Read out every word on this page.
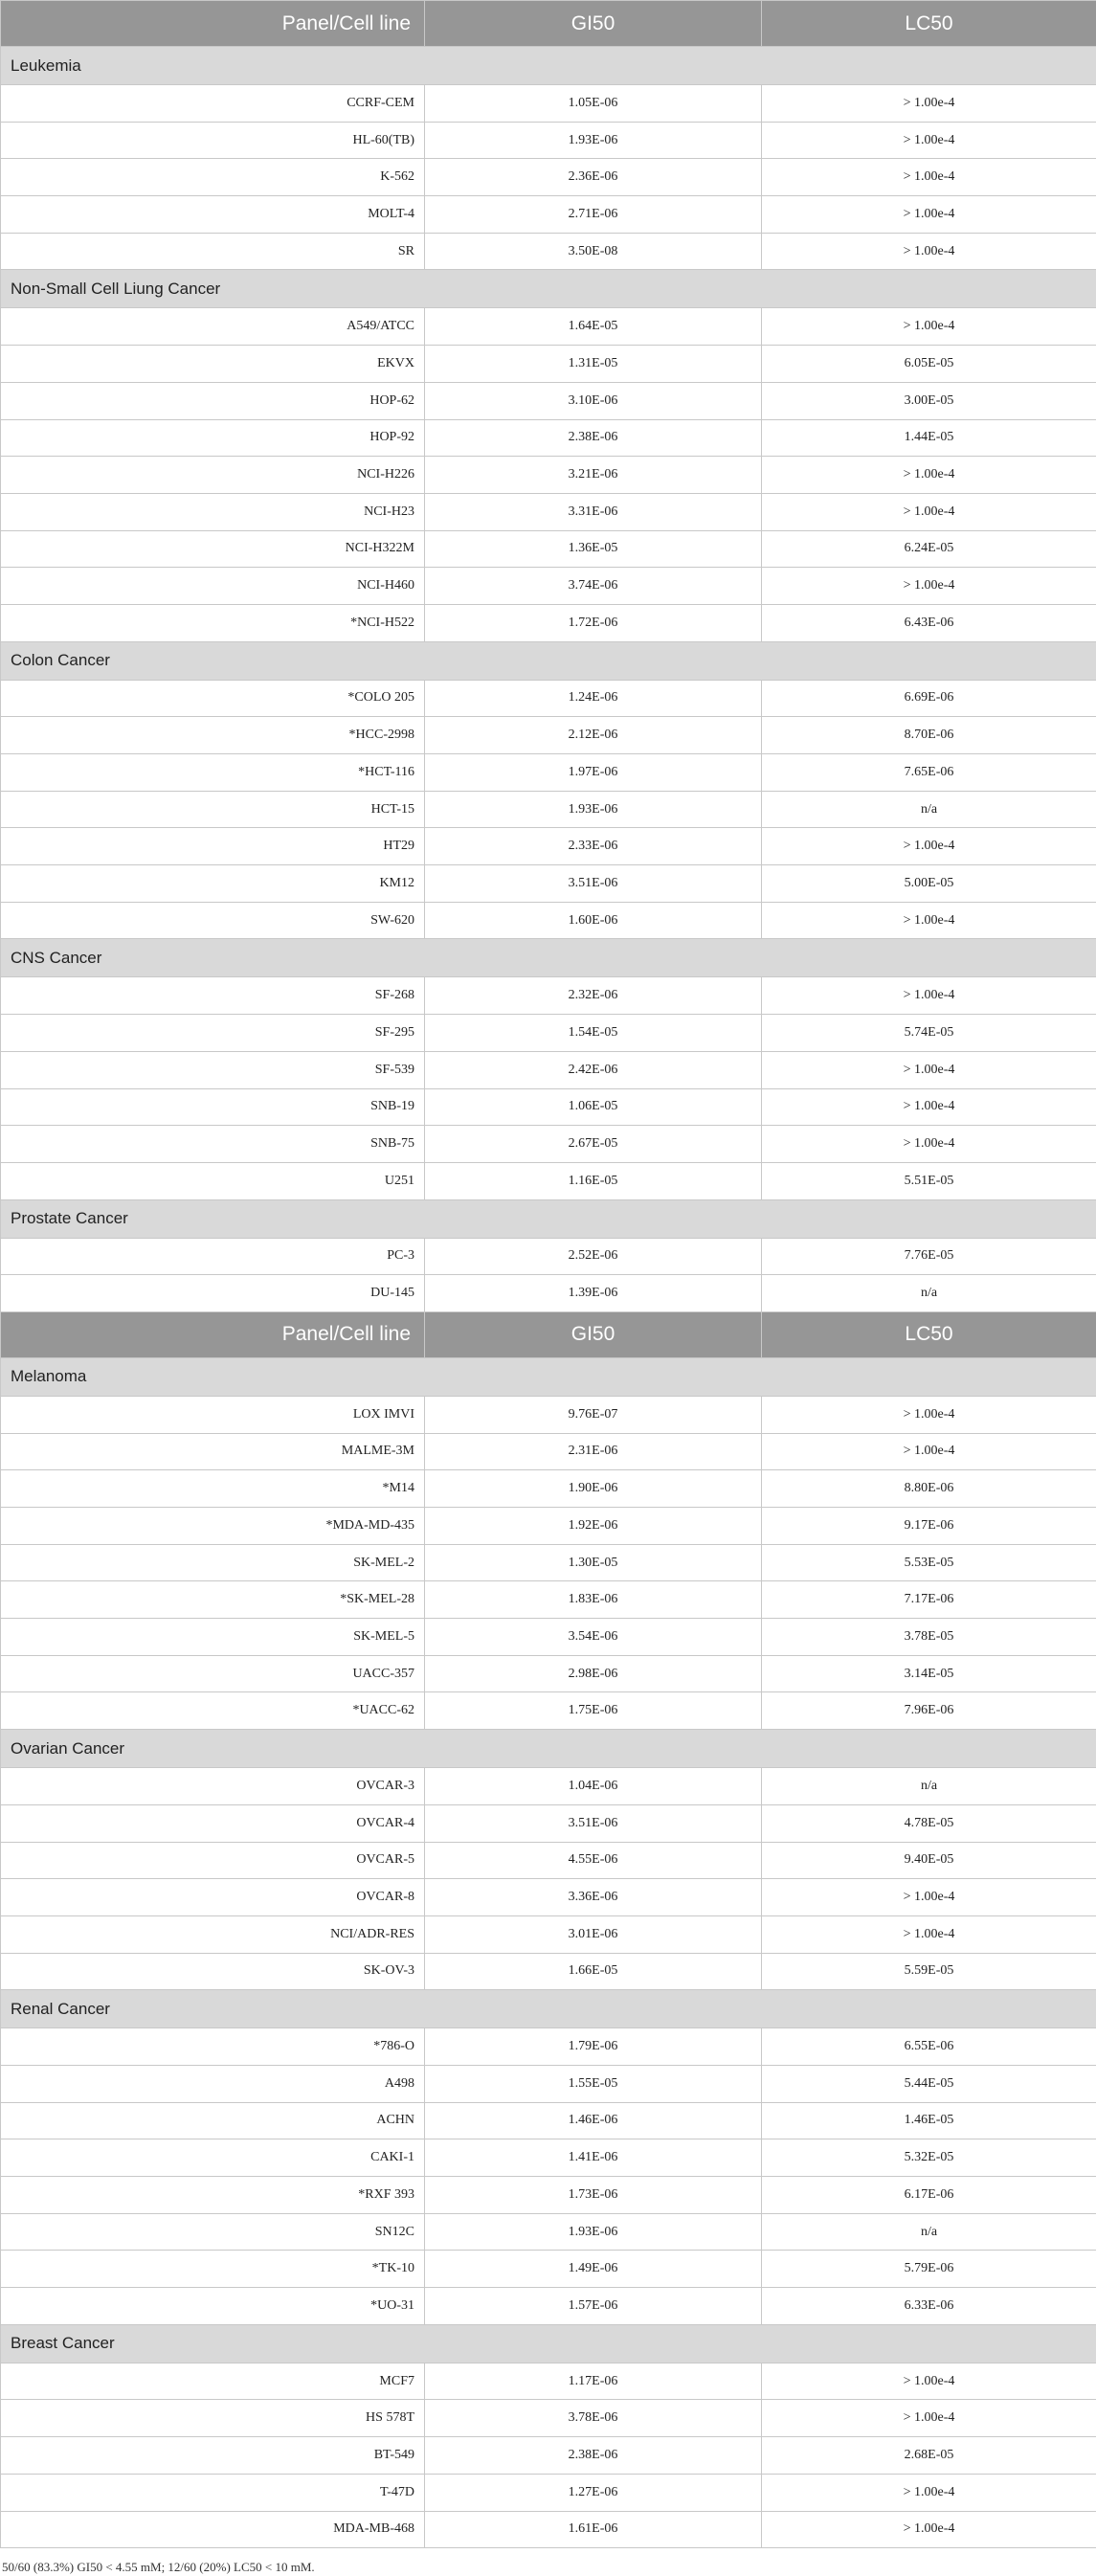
Panel/Cell line	GI50	LC50
Leukemia		
CCRF-CEM	1.05E-06	> 1.00e-4
HL-60(TB)	1.93E-06	> 1.00e-4
K-562	2.36E-06	> 1.00e-4
MOLT-4	2.71E-06	> 1.00e-4
SR	3.50E-08	> 1.00e-4
Non-Small Cell Liung Cancer		
A549/ATCC	1.64E-05	> 1.00e-4
EKVX	1.31E-05	6.05E-05
HOP-62	3.10E-06	3.00E-05
HOP-92	2.38E-06	1.44E-05
NCI-H226	3.21E-06	> 1.00e-4
NCI-H23	3.31E-06	> 1.00e-4
NCI-H322M	1.36E-05	6.24E-05
NCI-H460	3.74E-06	> 1.00e-4
*NCI-H522	1.72E-06	6.43E-06
Colon Cancer		
*COLO 205	1.24E-06	6.69E-06
*HCC-2998	2.12E-06	8.70E-06
*HCT-116	1.97E-06	7.65E-06
HCT-15	1.93E-06	n/a
HT29	2.33E-06	> 1.00e-4
KM12	3.51E-06	5.00E-05
SW-620	1.60E-06	> 1.00e-4
CNS Cancer		
SF-268	2.32E-06	> 1.00e-4
SF-295	1.54E-05	5.74E-05
SF-539	2.42E-06	> 1.00e-4
SNB-19	1.06E-05	> 1.00e-4
SNB-75	2.67E-05	> 1.00e-4
U251	1.16E-05	5.51E-05
Prostate Cancer		
PC-3	2.52E-06	7.76E-05
DU-145	1.39E-06	n/a
Panel/Cell line	GI50	LC50
Melanoma		
LOX IMVI	9.76E-07	> 1.00e-4
MALME-3M	2.31E-06	> 1.00e-4
*M14	1.90E-06	8.80E-06
*MDA-MD-435	1.92E-06	9.17E-06
SK-MEL-2	1.30E-05	5.53E-05
*SK-MEL-28	1.83E-06	7.17E-06
SK-MEL-5	3.54E-06	3.78E-05
UACC-357	2.98E-06	3.14E-05
*UACC-62	1.75E-06	7.96E-06
Ovarian Cancer		
OVCAR-3	1.04E-06	n/a
OVCAR-4	3.51E-06	4.78E-05
OVCAR-5	4.55E-06	9.40E-05
OVCAR-8	3.36E-06	> 1.00e-4
NCI/ADR-RES	3.01E-06	> 1.00e-4
SK-OV-3	1.66E-05	5.59E-05
Renal Cancer		
*786-O	1.79E-06	6.55E-06
A498	1.55E-05	5.44E-05
ACHN	1.46E-06	1.46E-05
CAKI-1	1.41E-06	5.32E-05
*RXF 393	1.73E-06	6.17E-06
SN12C	1.93E-06	n/a
*TK-10	1.49E-06	5.79E-06
*UO-31	1.57E-06	6.33E-06
Breast Cancer		
MCF7	1.17E-06	> 1.00e-4
HS 578T	3.78E-06	> 1.00e-4
BT-549	2.38E-06	2.68E-05
T-47D	1.27E-06	> 1.00e-4
MDA-MB-468	1.61E-06	> 1.00e-4
50/60 (83.3%) GI50 < 4.55 mM; 12/60 (20%) LC50 < 10 mM.
